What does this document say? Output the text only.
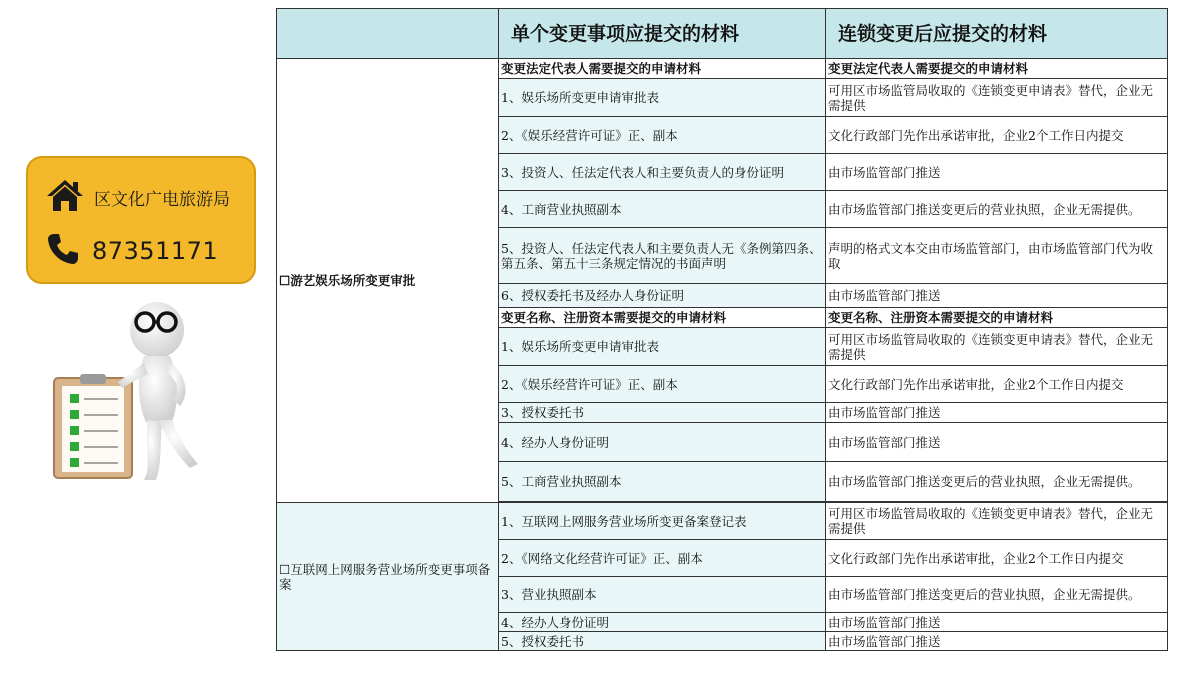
区文化广电旅游局
87351171
	单个变更事项应提交的材料	连锁变更后应提交的材料
☐游艺娱乐场所变更审批	变更法定代表人需要提交的申请材料	变更法定代表人需要提交的申请材料
	1、娱乐场所变更申请审批表	可用区市场监管局收取的《连锁变更申请表》替代，企业无需提供
	2、《娱乐经营许可证》正、副本	文化行政部门先作出承诺审批，企业2个工作日内提交
	3、投资人、任法定代表人和主要负责人的身份证明	由市场监管部门推送
	4、工商营业执照副本	由市场监管部门推送变更后的营业执照，企业无需提供。
	5、投资人、任法定代表人和主要负责人无《条例第四条、第五条、第五十三条规定情况的书面声明	声明的格式文本交由市场监管部门，由市场监管部门代为收取
	6、授权委托书及经办人身份证明	由市场监管部门推送
	变更名称、注册资本需要提交的申请材料	变更名称、注册资本需要提交的申请材料
	1、娱乐场所变更申请审批表	可用区市场监管局收取的《连锁变更申请表》替代，企业无需提供
	2、《娱乐经营许可证》正、副本	文化行政部门先作出承诺审批，企业2个工作日内提交
	3、授权委托书	由市场监管部门推送
	4、经办人身份证明	由市场监管部门推送
	5、工商营业执照副本	由市场监管部门推送变更后的营业执照，企业无需提供。

☐互联网上网服务营业场所变更事项备案	1、互联网上网服务营业场所变更备案登记表	可用区市场监管局收取的《连锁变更申请表》替代，企业无需提供
	2、《网络文化经营许可证》正、副本	文化行政部门先作出承诺审批，企业2个工作日内提交
	3、营业执照副本	由市场监管部门推送变更后的营业执照，企业无需提供。
	4、经办人身份证明	由市场监管部门推送
	5、授权委托书	由市场监管部门推送
